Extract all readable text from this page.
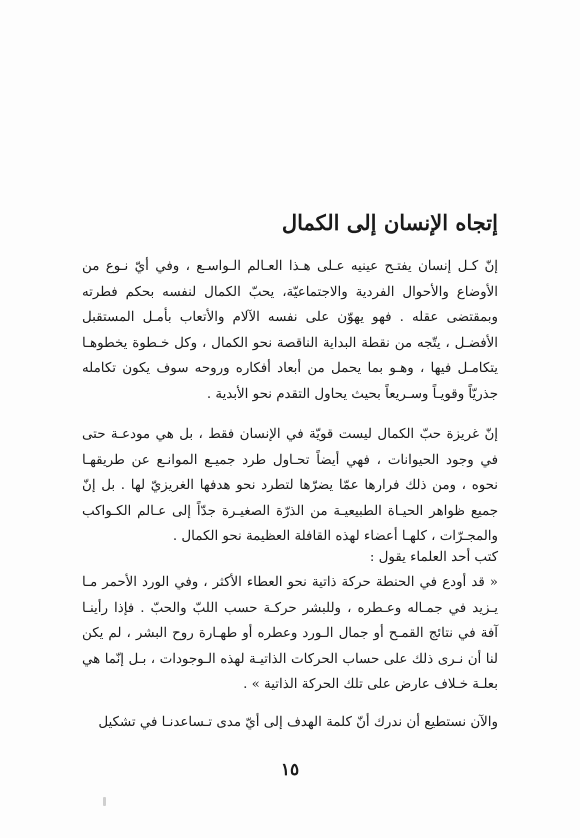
إتجاه الإنسان إلى الكمال

إنّ كـل إنسان يفتـح عينيه عـلى هـذا العـالم الـواسـع ، وفي أيّ نـوع من الأوضاع والأحوال الفردية والاجتماعيّة، يحبّ الكمال لنفسه بحكم فطرته وبمقتضى عقله . فهو يهوّن على نفسه الآلام والأتعاب بأمـل المستقبل الأفضـل ، يتّجه من نقطة البداية الناقصة نحو الكمال ، وكل خـطوة يخطوهـا يتكامـل فيها ، وهـو بما يحمل من أبعاد أفكاره وروحه سوف يكون تكامله جذريّاً وقويـاً وسـريعاً بحيث يحاول التقدم نحو الأبدية .

إنّ غريزة حبّ الكمال ليست قويّة في الإنسان فقط ، بل هي مودعـة حتى في وجود الحيوانات ، فهي أيضاً تحـاول طرد جميـع الموانـع عن طريقهـا نحوه ، ومن ذلك فرارها عمّا يضرّها لتطرد نحو هدفها الغريزيّ لها . بل إنّ جميع ظواهر الحيـاة الطبيعيـة من الذرّة الصغيـرة جدّاً إلى عـالم الكـواكب والمجـرّات ، كلهـا أعضاء لهذه القافلة العظيمة نحو الكمال .

كتب أحد العلماء يقول :

« قد أودع في الحنطة حركة ذاتية نحو العطاء الأكثر ، وفي الورد الأحمر مـا يـزيد في جمـاله وعـطره ، وللبشر حركـة حسب اللبّ والحبّ . فإذا رأينـا آفة في نتائج القمـح أو جمال الـورد وعطره أو طهـارة روح البشر ، لم يكن لنا أن نـرى ذلك على حساب الحركات الذاتيـة لهذه الـوجودات ، بـل إنّما هي بعلـة خـلاف عارض على تلك الحركة الذاتية » .

والآن نستطيع أن ندرك أنّ كلمة الهدف إلى أيّ مدى تـساعدنـا في تشكيل

١٥
